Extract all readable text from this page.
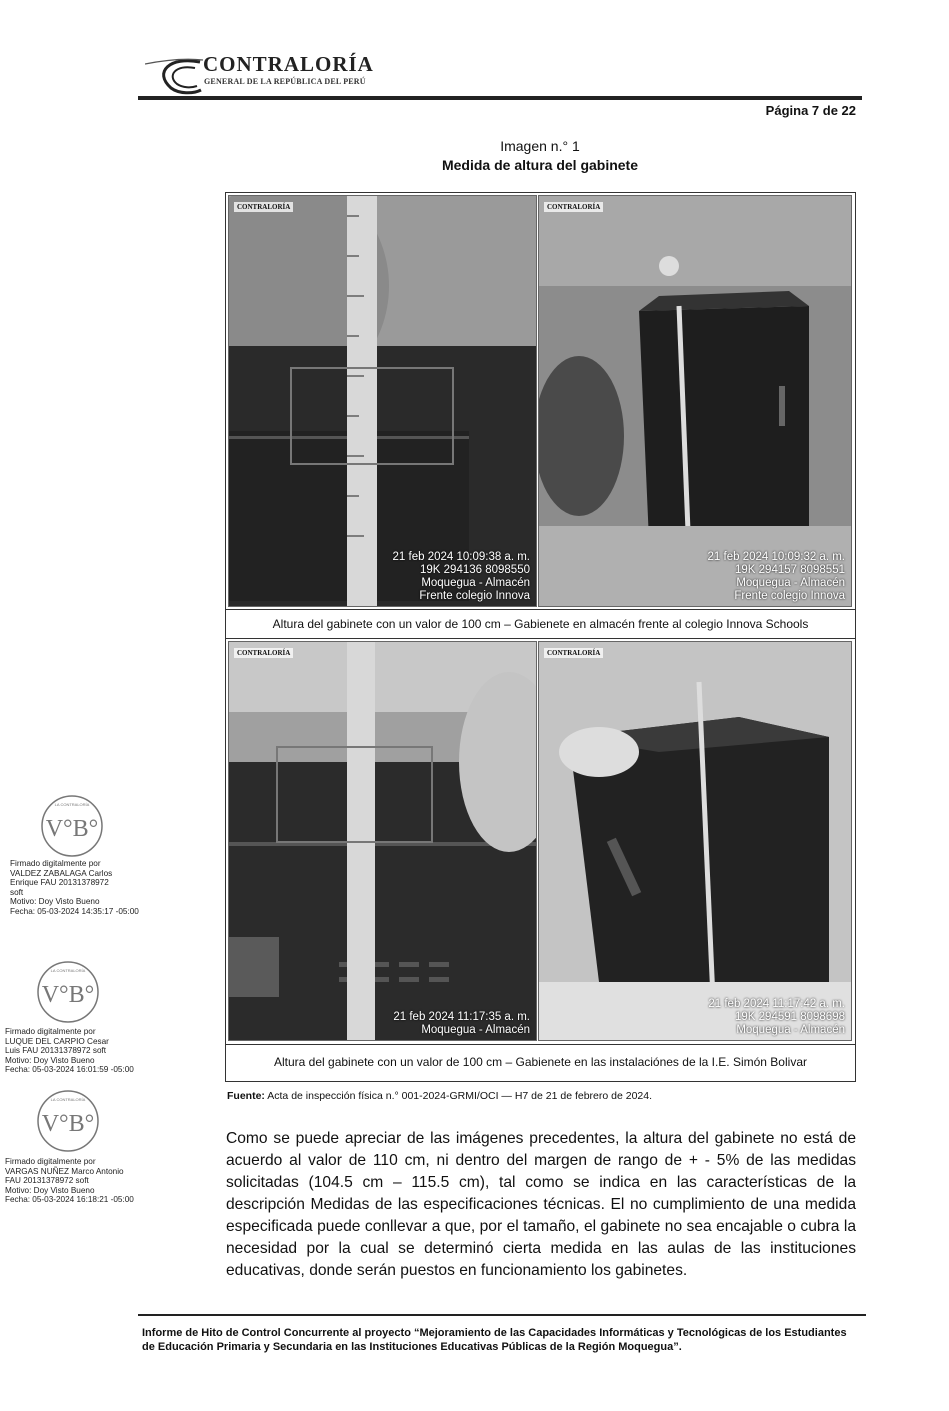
CONTRALORÍA
GENERAL DE LA REPÚBLICA DEL PERÚ
Página 7 de 22
Imagen n.° 1
Medida de altura del gabinete
CONTRALORÍA
21 feb 2024 10:09:38 a. m.
19K 294136 8098550
Moquegua - Almacén
Frente colegio Innova
CONTRALORÍA
21 feb 2024 10:09:32 a. m.
19K 294157 8098551
Moquegua - Almacén
Frente colegio Innova
Altura del gabinete con un valor de 100 cm – Gabienete en almacén frente al colegio Innova Schools
CONTRALORÍA
21 feb 2024 11:17:35 a. m.
Moquegua - Almacén
CONTRALORÍA
21 feb 2024 11:17:42 a. m.
19K 294591 8098698
Moquegua - Almacén
Altura del gabinete con un valor de 100 cm – Gabienete en las instalaciónes de la I.E. Simón Bolivar
Fuente: Acta de inspección física n.° 001-2024-GRMI/OCI — H7 de 21 de febrero de 2024.
Como se puede apreciar de las imágenes precedentes, la altura del gabinete no está de acuerdo al valor de 110 cm, ni dentro del margen de rango de + - 5% de las medidas solicitadas (104.5 cm – 115.5 cm), tal como se indica en las características de la descripción Medidas de las especificaciones técnicas. El no cumplimiento de una medida especificada puede conllevar a que, por el tamaño, el gabinete no sea encajable o cubra la necesidad por la cual se determinó cierta medida en las aulas de las instituciones educativas, donde serán puestos en funcionamiento los gabinetes.
LA CONTRALORÍA
V°B°
Firmado digitalmente por
VALDEZ ZABALAGA Carlos
Enrique FAU 20131378972
soft
Motivo: Doy Visto Bueno
Fecha: 05-03-2024 14:35:17 -05:00
LA CONTRALORÍA
V°B°
Firmado digitalmente por
LUQUE DEL CARPIO Cesar
Luis FAU 20131378972 soft
Motivo: Doy Visto Bueno
Fecha: 05-03-2024 16:01:59 -05:00
LA CONTRALORÍA
V°B°
Firmado digitalmente por
VARGAS NUÑEZ Marco Antonio
FAU 20131378972 soft
Motivo: Doy Visto Bueno
Fecha: 05-03-2024 16:18:21 -05:00
Informe de Hito de Control Concurrente al proyecto “Mejoramiento de las Capacidades Informáticas y Tecnológicas de los Estudiantes de Educación Primaria y Secundaria en las Instituciones Educativas Públicas de la Región Moquegua”.
